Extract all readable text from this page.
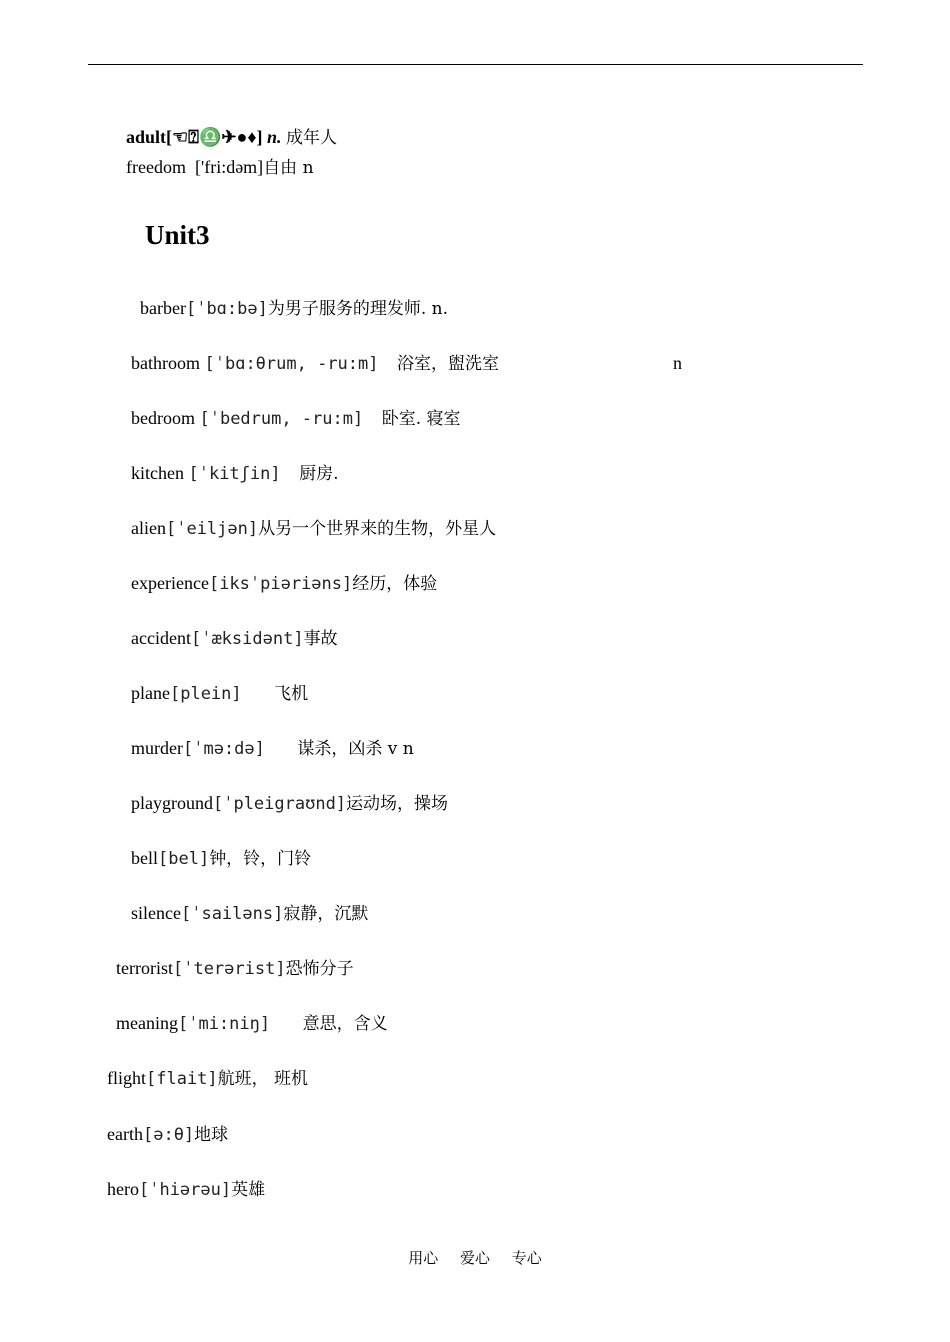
adult[☜⍰♎✈●♦] n. 成年人
freedom ['fri:dəm]自由 n
Unit3
barber[ˈbɑ:bə]为男子服务的理发师. n.
bathroom [ˈbɑ:θrum, -ru:m] 浴室，盥洗室	n
bedroom [ˈbedrum, -ru:m] 卧室. 寝室
kitchen [ˈkitʃin] 厨房.
alien[ˈeiljən]从另一个世界来的生物，外星人
experience[iksˈpiəriəns]经历，体验
accident[ˈæksidənt]事故
plane[plein] 飞机
murder[ˈmə:də] 谋杀，凶杀 v n
playground[ˈpleigraʊnd]运动场，操场
bell[bel]钟，铃，门铃
silence[ˈsailəns]寂静，沉默
terrorist[ˈterərist]恐怖分子
meaning[ˈmi:niŋ] 意思，含义
flight[flait]航班， 班机
earth[ə:θ]地球
hero[ˈhiərəu]英雄
用心 爱心 专心
